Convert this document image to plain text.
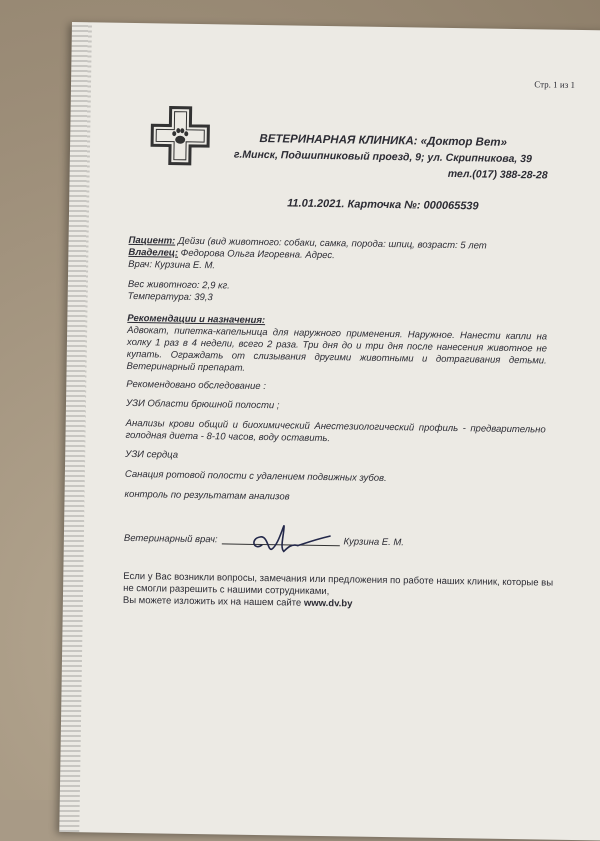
Стр. 1 из 1
ВЕТЕРИНАРНАЯ КЛИНИКА: «Доктор Вет»
г.Минск, Подшипниковый проезд, 9; ул. Скрипникова, 39
тел.(017) 388-28-28
11.01.2021. Карточка №: 000065539
Пациент: Дейзи (вид животного: собаки, самка, порода: шпиц, возраст: 5 лет
Владелец: Федорова Ольга Игоревна. Адрес.
Врач: Курзина Е. М.
Вес животного: 2,9 кг.
Температура: 39,3
Рекомендации и назначения:
Адвокат, пипетка-капельница для наружного применения. Наружное. Нанести капли на холку 1 раз в 4 недели, всего 2 раза. Три дня до и три дня после нанесения животное не купать. Ограждать от слизывания другими животными и дотрагивания детьми. Ветеринарный препарат.
Рекомендовано обследование :
УЗИ Области брюшной полости ;
Анализы крови общий и биохимический Анестезиологический профиль - предварительно голодная диета - 8-10 часов, воду оставить.
УЗИ сердца
Санация ротовой полости с удалением подвижных зубов.
контроль по результатам анализов
Ветеринарный врач:	Курзина Е. М.
Если у Вас возникли вопросы, замечания или предложения по работе наших клиник, которые вы не смогли разрешить с нашими сотрудниками,
Вы можете изложить их на нашем сайте www.dv.by
